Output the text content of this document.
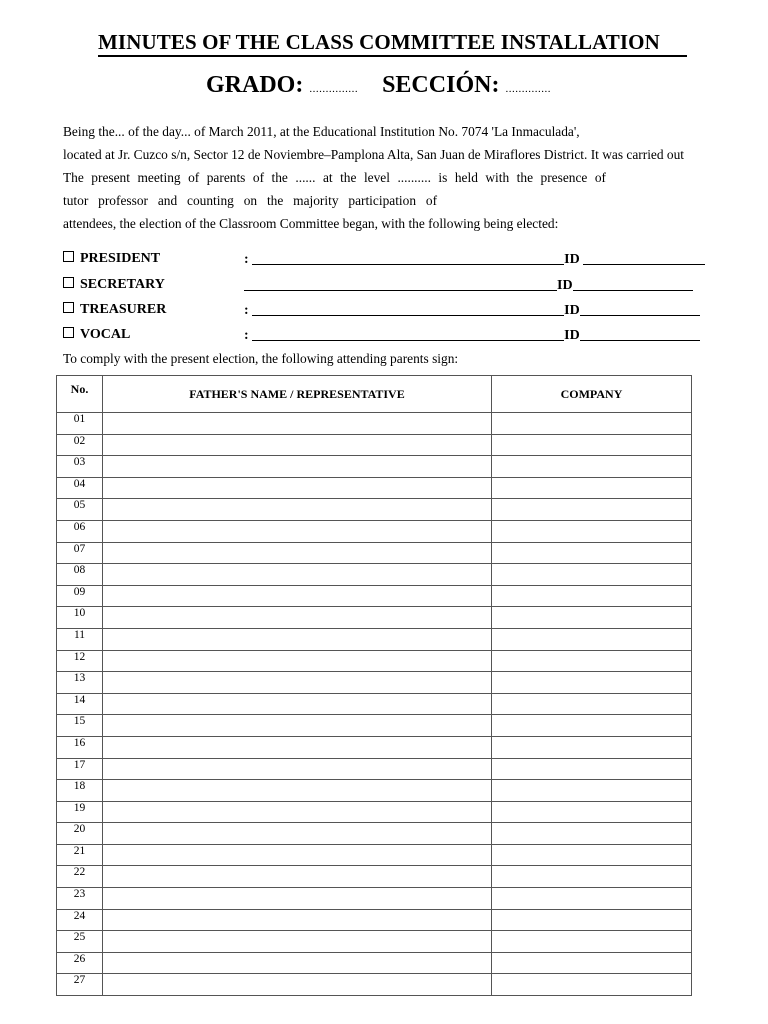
MINUTES OF THE CLASS COMMITTEE INSTALLATION
GRADO: ............... SECCIÓN: ..............
Being the... of the day... of March 2011, at the Educational Institution No. 7074 'La Inmaculada',
located at Jr. Cuzco s/n, Sector 12 de Noviembre–Pamplona Alta, San Juan de Miraflores District. It was carried out
The present meeting of parents of the ...... at the level .......... is held with the presence of
tutor professor and counting on the majority participation of
attendees, the election of the Classroom Committee began, with the following being elected:
PRESIDENT	:	ID
SECRETARY	ID
TREASURER	:	ID
VOCAL	:	ID
To comply with the present election, the following attending parents sign:
No.	FATHER'S NAME / REPRESENTATIVE	COMPANY
01		
02		
03		
04		
05		
06		
07		
08		
09		
10		
11		
12		
13		
14		
15		
16		
17		
18		
19		
20		
21		
22		
23		
24		
25		
26		
27		
